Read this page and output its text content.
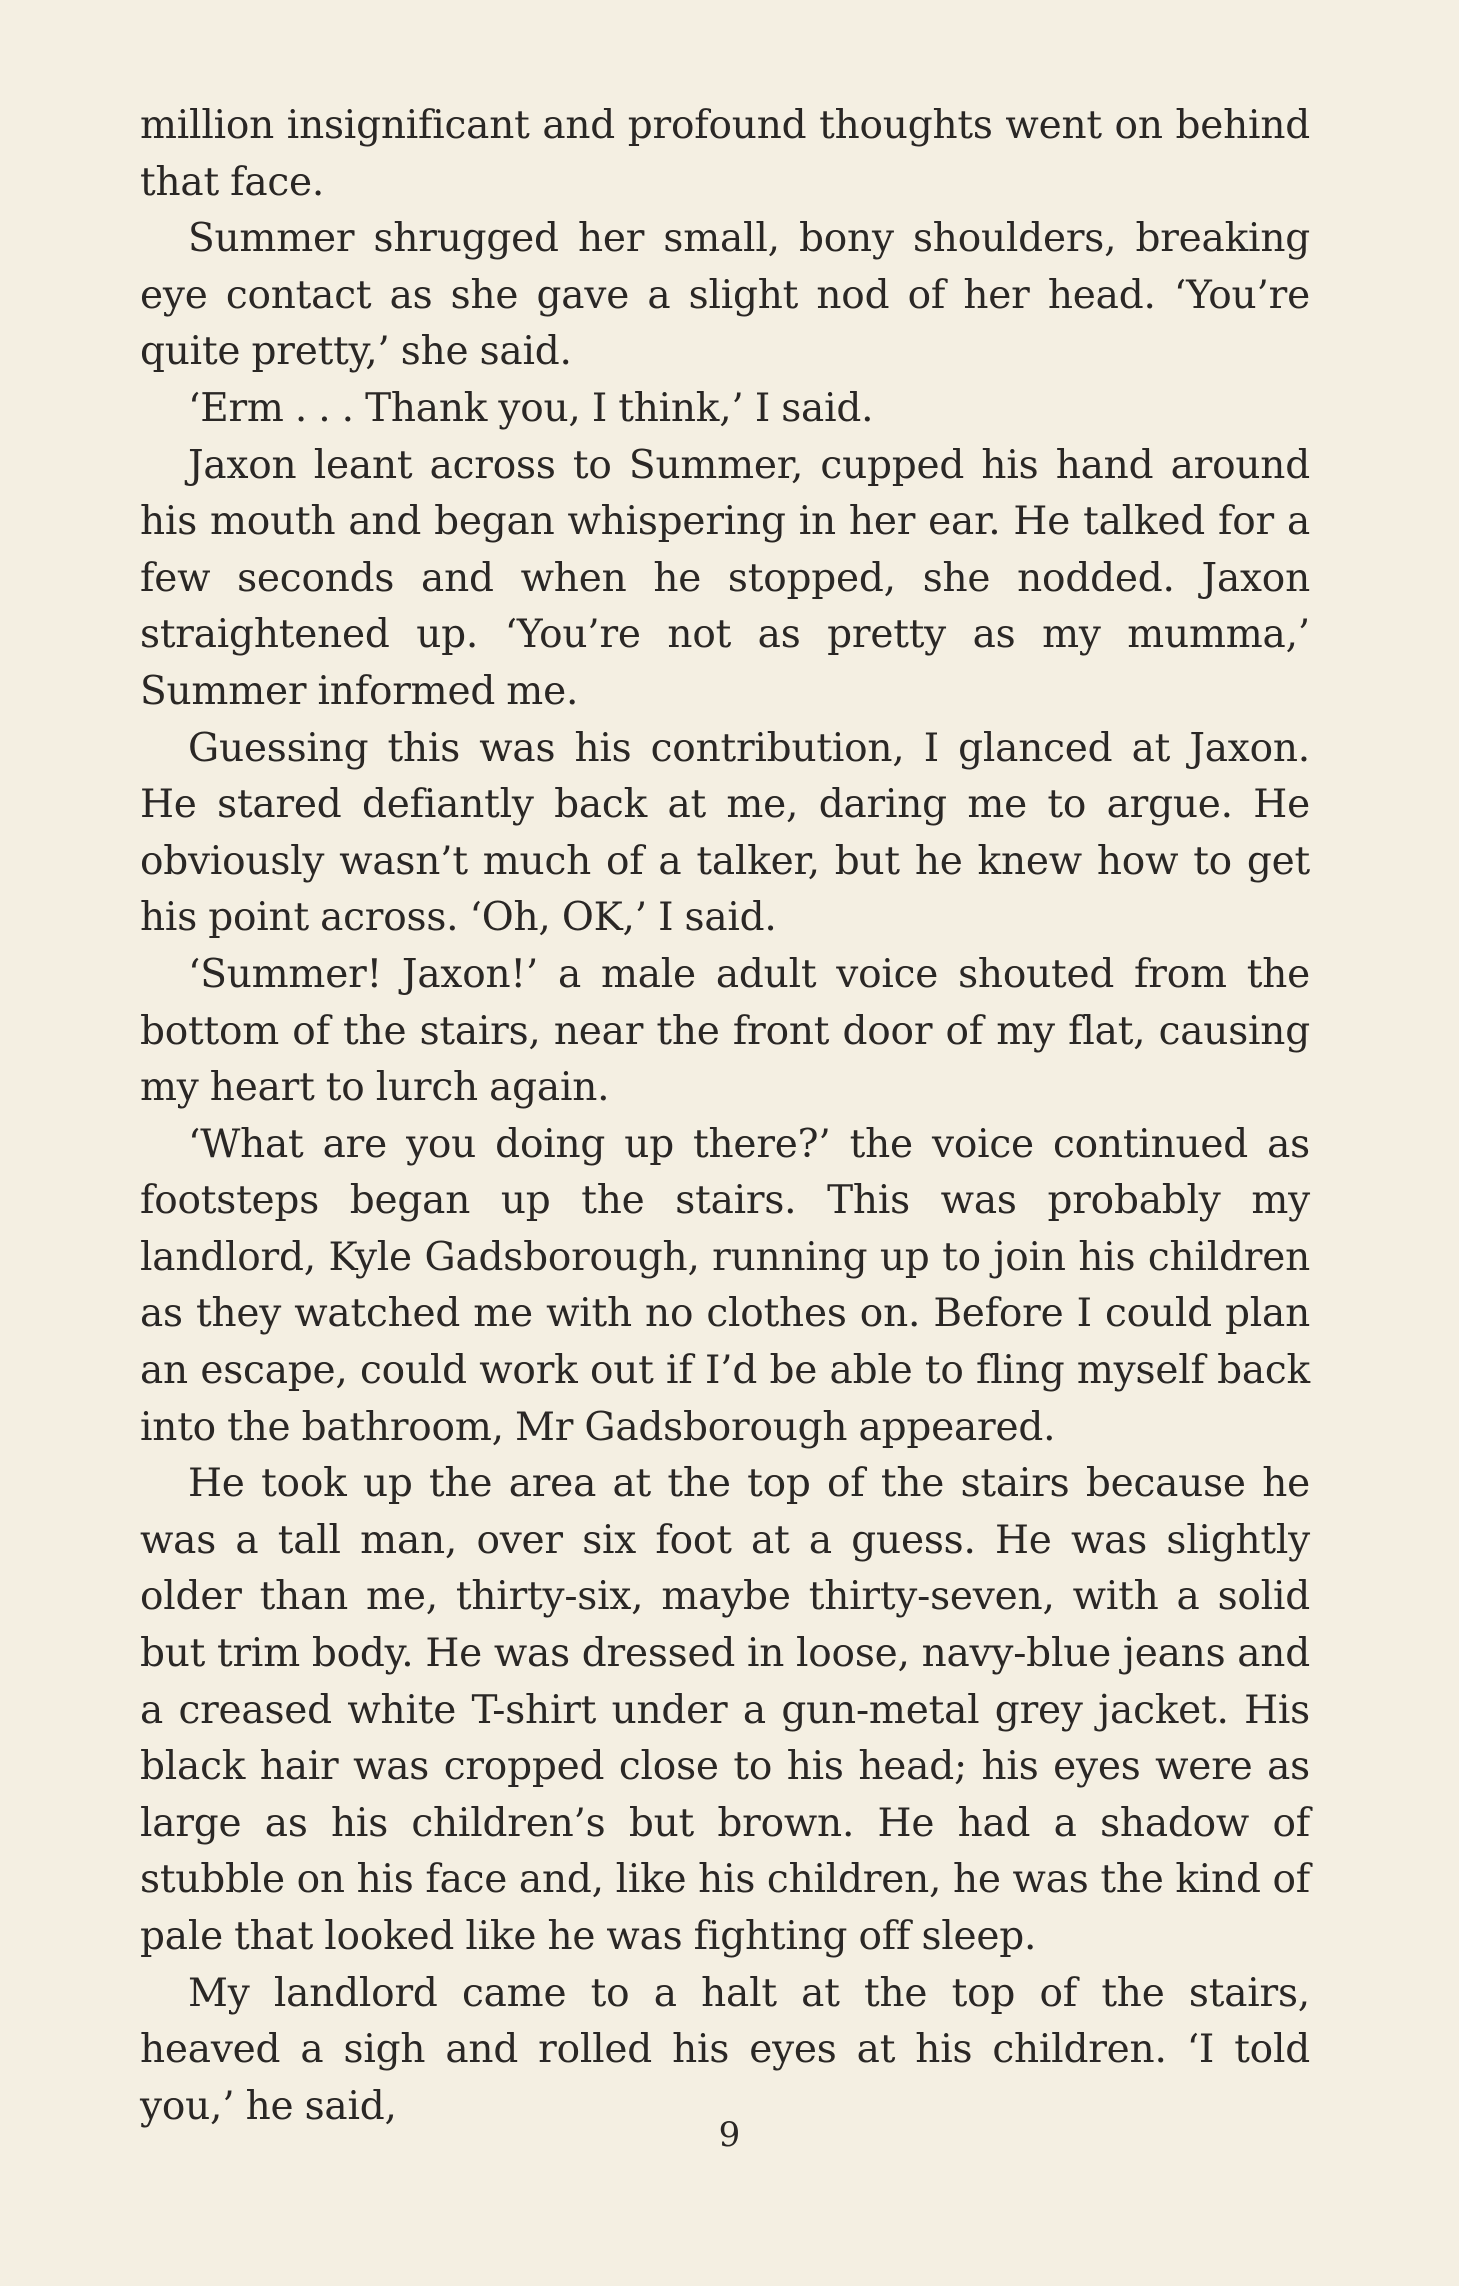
million insignificant and profound thoughts went on behind that face.

Summer shrugged her small, bony shoulders, breaking eye contact as she gave a slight nod of her head. ‘You’re quite pretty,’ she said.

‘Erm . . . Thank you, I think,’ I said.

Jaxon leant across to Summer, cupped his hand around his mouth and began whispering in her ear. He talked for a few seconds and when he stopped, she nodded. Jaxon straightened up. ‘You’re not as pretty as my mumma,’ Summer informed me.

Guessing this was his contribution, I glanced at Jaxon. He stared defiantly back at me, daring me to argue. He obviously wasn’t much of a talker, but he knew how to get his point across. ‘Oh, OK,’ I said.

‘Summer! Jaxon!’ a male adult voice shouted from the bottom of the stairs, near the front door of my flat, causing my heart to lurch again.

‘What are you doing up there?’ the voice continued as footsteps began up the stairs. This was probably my landlord, Kyle Gadsborough, running up to join his children as they watched me with no clothes on. Before I could plan an escape, could work out if I’d be able to fling myself back into the bathroom, Mr Gadsborough appeared.

He took up the area at the top of the stairs because he was a tall man, over six foot at a guess. He was slightly older than me, thirty-six, maybe thirty-seven, with a solid but trim body. He was dressed in loose, navy-blue jeans and a creased white T-shirt under a gun-metal grey jacket. His black hair was cropped close to his head; his eyes were as large as his children’s but brown. He had a shadow of stubble on his face and, like his children, he was the kind of pale that looked like he was fighting off sleep.

My landlord came to a halt at the top of the stairs, heaved a sigh and rolled his eyes at his children. ‘I told you,’ he said,

9
